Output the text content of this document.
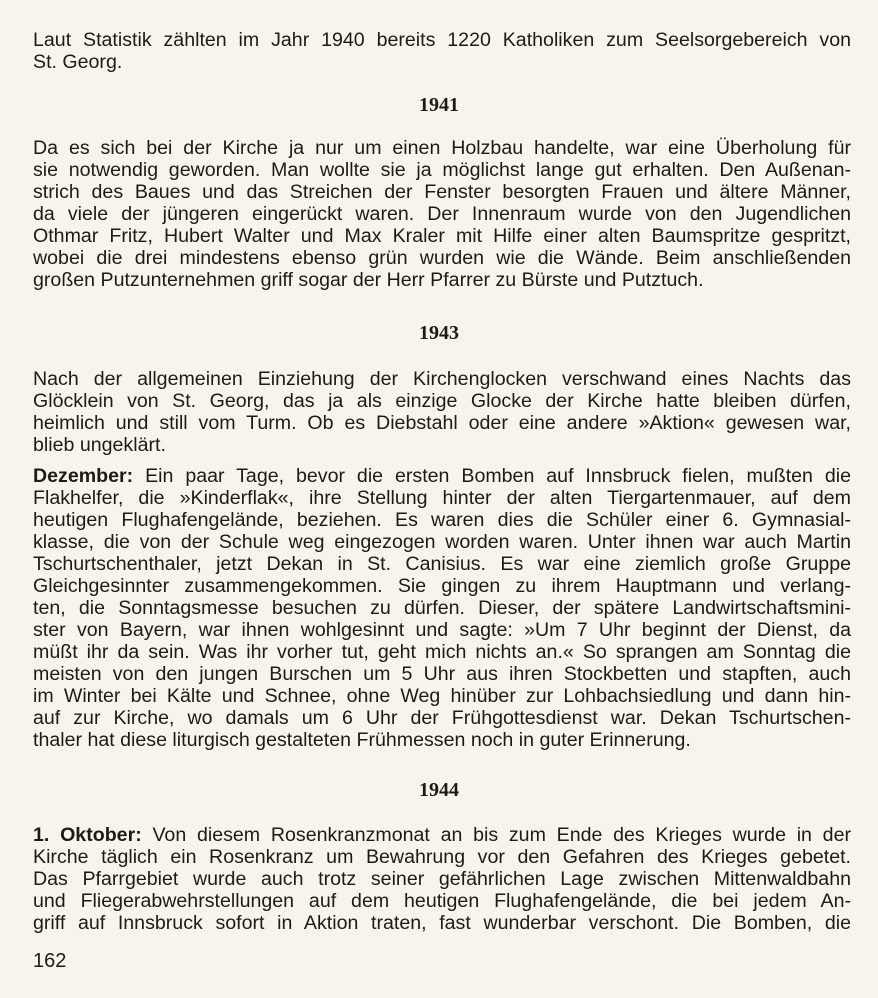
Laut Statistik zählten im Jahr 1940 bereits 1220 Katholiken zum Seelsorgebereich von
St. Georg.
1941
Da es sich bei der Kirche ja nur um einen Holzbau handelte, war eine Überholung für
sie notwendig geworden. Man wollte sie ja möglichst lange gut erhalten. Den Außenan-
strich des Baues und das Streichen der Fenster besorgten Frauen und ältere Männer,
da viele der jüngeren eingerückt waren. Der Innenraum wurde von den Jugendlichen
Othmar Fritz, Hubert Walter und Max Kraler mit Hilfe einer alten Baumspritze gespritzt,
wobei die drei mindestens ebenso grün wurden wie die Wände. Beim anschließenden
großen Putzunternehmen griff sogar der Herr Pfarrer zu Bürste und Putztuch.
1943
Nach der allgemeinen Einziehung der Kirchenglocken verschwand eines Nachts das
Glöcklein von St. Georg, das ja als einzige Glocke der Kirche hatte bleiben dürfen,
heimlich und still vom Turm. Ob es Diebstahl oder eine andere »Aktion« gewesen war,
blieb ungeklärt.
Dezember: Ein paar Tage, bevor die ersten Bomben auf Innsbruck fielen, mußten die
Flakhelfer, die »Kinderflak«, ihre Stellung hinter der alten Tiergartenmauer, auf dem
heutigen Flughafengelände, beziehen. Es waren dies die Schüler einer 6. Gymnasial-
klasse, die von der Schule weg eingezogen worden waren. Unter ihnen war auch Martin
Tschurtschenthaler, jetzt Dekan in St. Canisius. Es war eine ziemlich große Gruppe
Gleichgesinnter zusammengekommen. Sie gingen zu ihrem Hauptmann und verlang-
ten, die Sonntagsmesse besuchen zu dürfen. Dieser, der spätere Landwirtschaftsmini-
ster von Bayern, war ihnen wohlgesinnt und sagte: »Um 7 Uhr beginnt der Dienst, da
müßt ihr da sein. Was ihr vorher tut, geht mich nichts an.« So sprangen am Sonntag die
meisten von den jungen Burschen um 5 Uhr aus ihren Stockbetten und stapften, auch
im Winter bei Kälte und Schnee, ohne Weg hinüber zur Lohbachsiedlung und dann hin-
auf zur Kirche, wo damals um 6 Uhr der Frühgottesdienst war. Dekan Tschurtschen-
thaler hat diese liturgisch gestalteten Frühmessen noch in guter Erinnerung.
1944
1. Oktober: Von diesem Rosenkranzmonat an bis zum Ende des Krieges wurde in der
Kirche täglich ein Rosenkranz um Bewahrung vor den Gefahren des Krieges gebetet.
Das Pfarrgebiet wurde auch trotz seiner gefährlichen Lage zwischen Mittenwaldbahn
und Fliegerabwehrstellungen auf dem heutigen Flughafengelände, die bei jedem An-
griff auf Innsbruck sofort in Aktion traten, fast wunderbar verschont. Die Bomben, die
162
